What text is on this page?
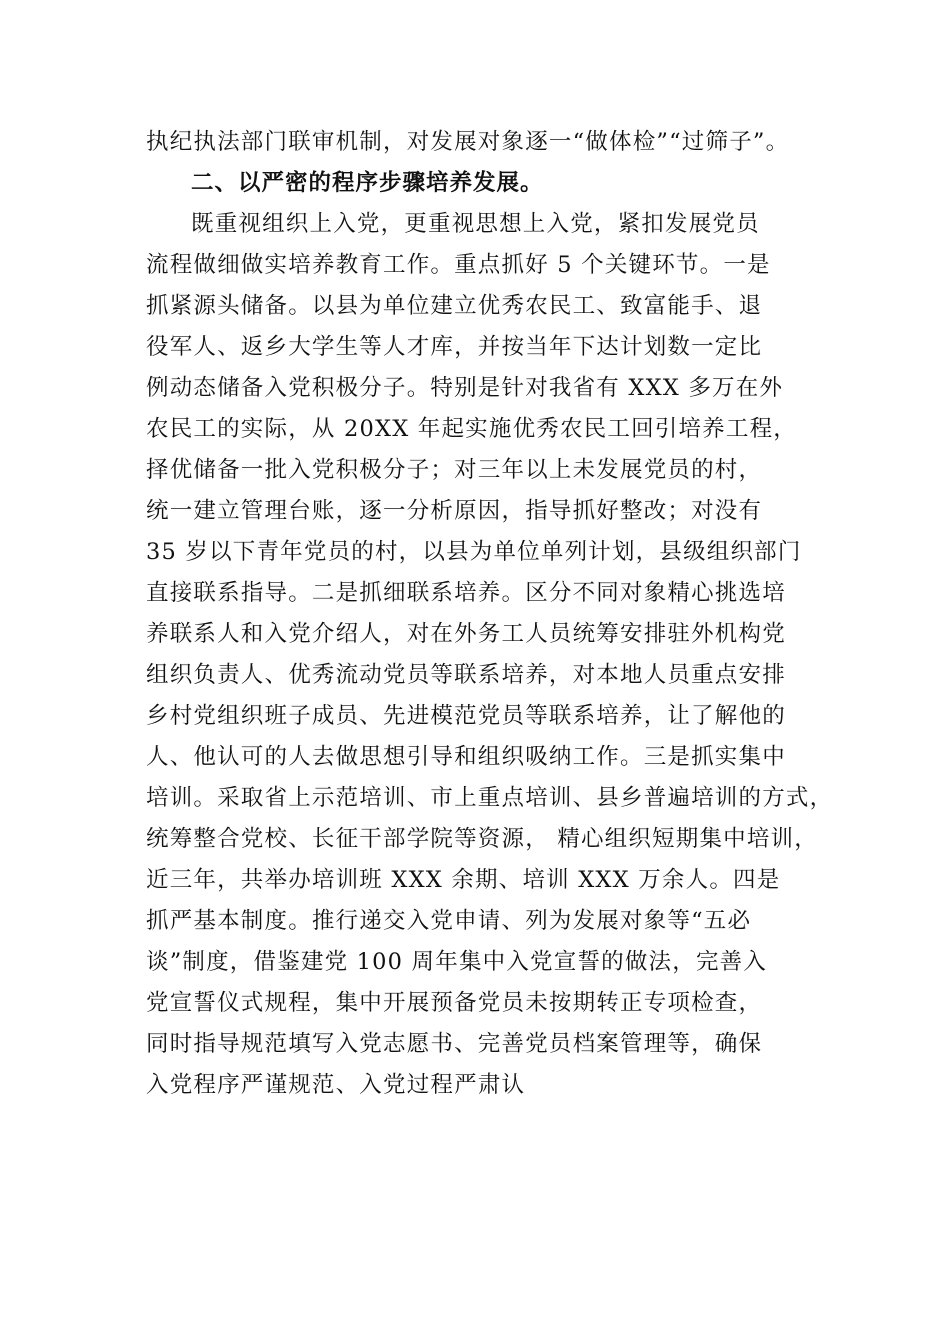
执纪执法部门联审机制，对发展对象逐一“做体检”“过筛子”。
二、以严密的程序步骤培养发展。
既重视组织上入党，更重视思想上入党，紧扣发展党员
流程做细做实培养教育工作。重点抓好 5 个关键环节。一是
抓紧源头储备。以县为单位建立优秀农民工、致富能手、退
役军人、返乡大学生等人才库，并按当年下达计划数一定比
例动态储备入党积极分子。特别是针对我省有 XXX 多万在外
农民工的实际，从 20XX 年起实施优秀农民工回引培养工程，
择优储备一批入党积极分子；对三年以上未发展党员的村，
统一建立管理台账，逐一分析原因，指导抓好整改；对没有
35 岁以下青年党员的村，以县为单位单列计划，县级组织部门
直接联系指导。二是抓细联系培养。区分不同对象精心挑选培
养联系人和入党介绍人，对在外务工人员统筹安排驻外机构党
组织负责人、优秀流动党员等联系培养，对本地人员重点安排
乡村党组织班子成员、先进模范党员等联系培养，让了解他的
人、他认可的人去做思想引导和组织吸纳工作。三是抓实集中
培训。采取省上示范培训、市上重点培训、县乡普遍培训的方式，
统筹整合党校、长征干部学院等资源， 精心组织短期集中培训，
近三年，共举办培训班 XXX 余期、培训 XXX 万余人。四是
抓严基本制度。推行递交入党申请、列为发展对象等“五必
谈”制度，借鉴建党 100 周年集中入党宣誓的做法，完善入
党宣誓仪式规程，集中开展预备党员未按期转正专项检查，
同时指导规范填写入党志愿书、完善党员档案管理等，确保
入党程序严谨规范、入党过程严肃认
